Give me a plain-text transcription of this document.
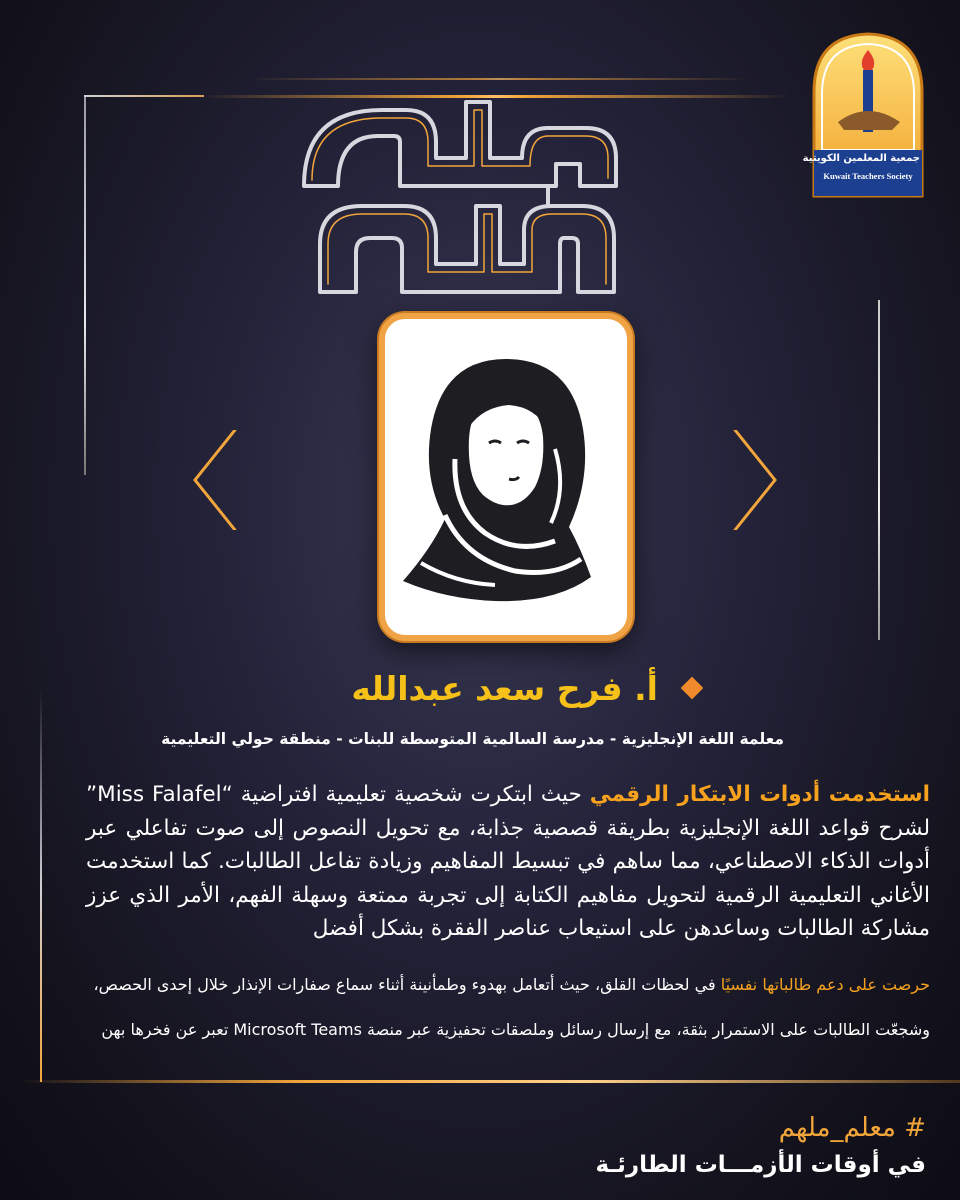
جمعية المعلمين الكويتية
Kuwait Teachers Society
أ. فرح سعد عبدالله
معلمة اللغة الإنجليزية - مدرسة السالمية المتوسطة للبنات - منطقة حولي التعليمية
استخدمت أدوات الابتكار الرقمي حيث ابتكرت شخصية تعليمية افتراضية “Miss Falafel” لشرح قواعد اللغة الإنجليزية بطريقة قصصية جذابة، مع تحويل النصوص إلى صوت تفاعلي عبر أدوات الذكاء الاصطناعي، مما ساهم في تبسيط المفاهيم وزيادة تفاعل الطالبات. كما استخدمت الأغاني التعليمية الرقمية لتحويل مفاهيم الكتابة إلى تجربة ممتعة وسهلة الفهم، الأمر الذي عزز مشاركة الطالبات وساعدهن على استيعاب عناصر الفقرة بشكل أفضل
حرصت على دعم طالباتها نفسيًا في لحظات القلق، حيث أتعامل بهدوء وطمأنينة أثناء سماع صفارات الإنذار خلال إحدى الحصص، وشجعّت الطالبات على الاستمرار بثقة، مع إرسال رسائل وملصقات تحفيزية عبر منصة Microsoft Teams تعبر عن فخرها بهن
# معلم_ملهم
في أوقات الأزمـــات الطارئـة
